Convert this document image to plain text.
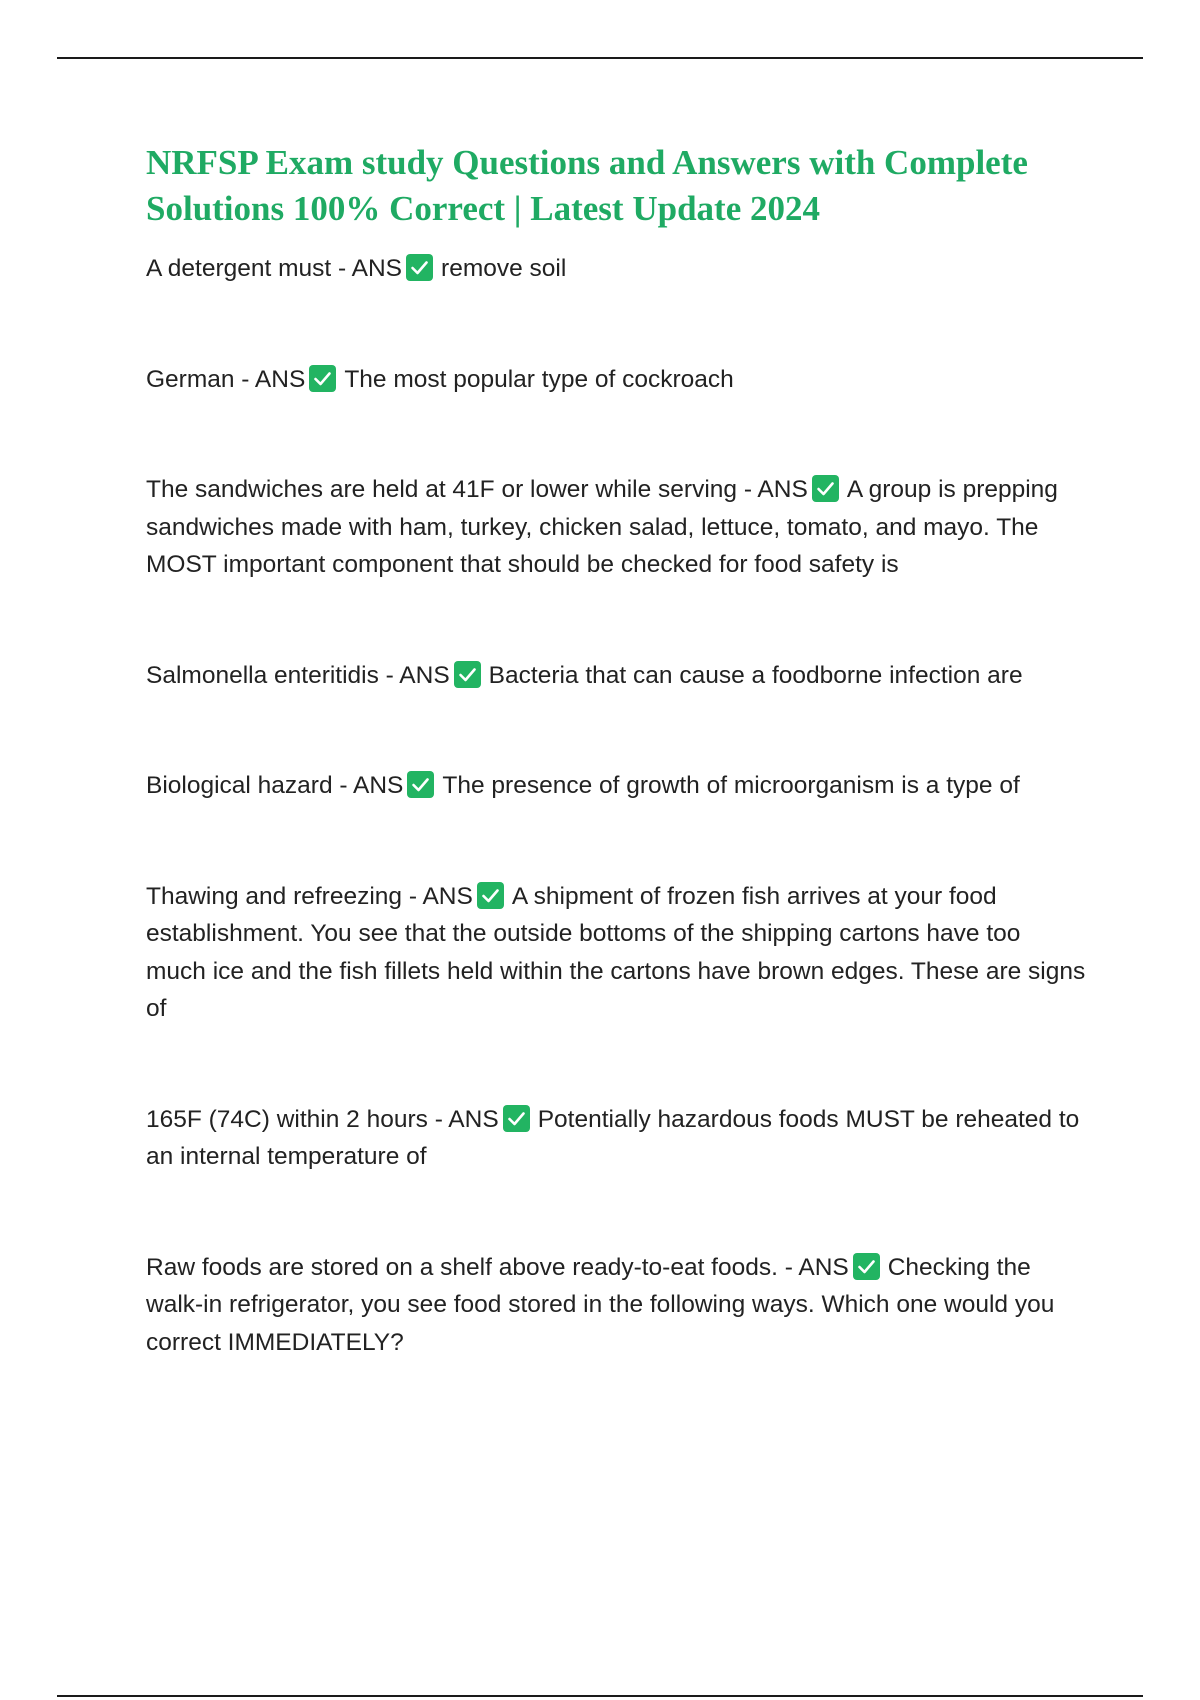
NRFSP Exam study Questions and Answers with Complete Solutions 100% Correct | Latest Update 2024

A detergent must - ANS remove soil

German - ANS The most popular type of cockroach

The sandwiches are held at 41F or lower while serving - ANS A group is prepping sandwiches made with ham, turkey, chicken salad, lettuce, tomato, and mayo. The MOST important component that should be checked for food safety is

Salmonella enteritidis - ANS Bacteria that can cause a foodborne infection are

Biological hazard - ANS The presence of growth of microorganism is a type of

Thawing and refreezing - ANS A shipment of frozen fish arrives at your food establishment. You see that the outside bottoms of the shipping cartons have too much ice and the fish fillets held within the cartons have brown edges. These are signs of

165F (74C) within 2 hours - ANS Potentially hazardous foods MUST be reheated to an internal temperature of

Raw foods are stored on a shelf above ready-to-eat foods. - ANS Checking the walk-in refrigerator, you see food stored in the following ways. Which one would you correct IMMEDIATELY?
